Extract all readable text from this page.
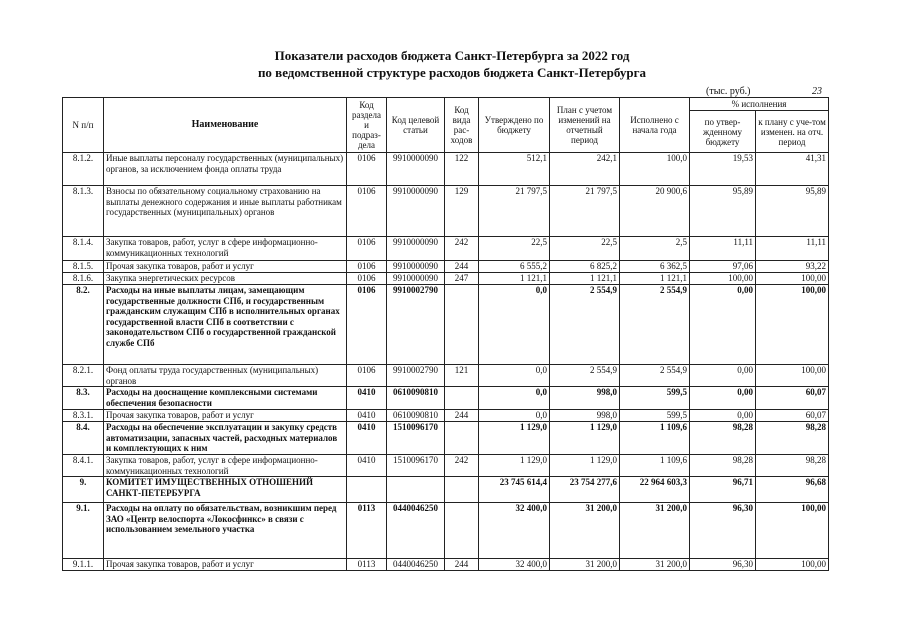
Показатели расходов бюджета Санкт-Петербурга за 2022 год
по ведомственной структуре расходов бюджета Санкт-Петербурга
(тыс. руб.)	23
N п/п	Наименование	Код раздела и подраз-дела	Код целевой статьи	Код вида рас-ходов	Утверждено по бюджету	План с учетом изменений на отчетный период	Исполнено с начала года	% исполнения	
								по утвер-жденному бюджету	к плану с уче-том изменен. на отч. период
8.1.2.	Иные выплаты персоналу государственных (муниципальных) органов, за исключением фонда оплаты труда	0106	9910000090	122	512,1	242,1	100,0	19,53	41,31
8.1.3.	Взносы по обязательному социальному страхованию на выплаты денежного содержания и иные выплаты работникам государственных (муниципальных) органов	0106	9910000090	129	21 797,5	21 797,5	20 900,6	95,89	95,89
8.1.4.	Закупка товаров, работ, услуг в сфере информационно-коммуникационных технологий	0106	9910000090	242	22,5	22,5	2,5	11,11	11,11
8.1.5.	Прочая закупка товаров, работ и услуг	0106	9910000090	244	6 555,2	6 825,2	6 362,5	97,06	93,22
8.1.6.	Закупка энергетических ресурсов	0106	9910000090	247	1 121,1	1 121,1	1 121,1	100,00	100,00
8.2.	Расходы на иные выплаты лицам, замещающим государственные должности СПб, и государственным гражданским служащим СПб в исполнительных органах государственной власти СПб в соответствии с законодательством СПб о государственной гражданской службе СПб	0106	9910002790		0,0	2 554,9	2 554,9	0,00	100,00
8.2.1.	Фонд оплаты труда государственных (муниципальных) органов	0106	9910002790	121	0,0	2 554,9	2 554,9	0,00	100,00
8.3.	Расходы на дооснащение комплексными системами обеспечения безопасности	0410	0610090810		0,0	998,0	599,5	0,00	60,07
8.3.1.	Прочая закупка товаров, работ и услуг	0410	0610090810	244	0,0	998,0	599,5	0,00	60,07
8.4.	Расходы на обеспечение эксплуатации и закупку средств автоматизации, запасных частей, расходных материалов и комплектующих к ним	0410	1510096170		1 129,0	1 129,0	1 109,6	98,28	98,28
8.4.1.	Закупка товаров, работ, услуг в сфере информационно-коммуникационных технологий	0410	1510096170	242	1 129,0	1 129,0	1 109,6	98,28	98,28
9.	КОМИТЕТ ИМУЩЕСТВЕННЫХ ОТНОШЕНИЙ САНКТ-ПЕТЕРБУРГА				23 745 614,4	23 754 277,6	22 964 603,3	96,71	96,68
9.1.	Расходы на оплату по обязательствам, возникшим перед ЗАО «Центр велоспорта «Локосфинкс» в связи с использованием земельного участка	0113	0440046250		32 400,0	31 200,0	31 200,0	96,30	100,00
9.1.1.	Прочая закупка товаров, работ и услуг	0113	0440046250	244	32 400,0	31 200,0	31 200,0	96,30	100,00
